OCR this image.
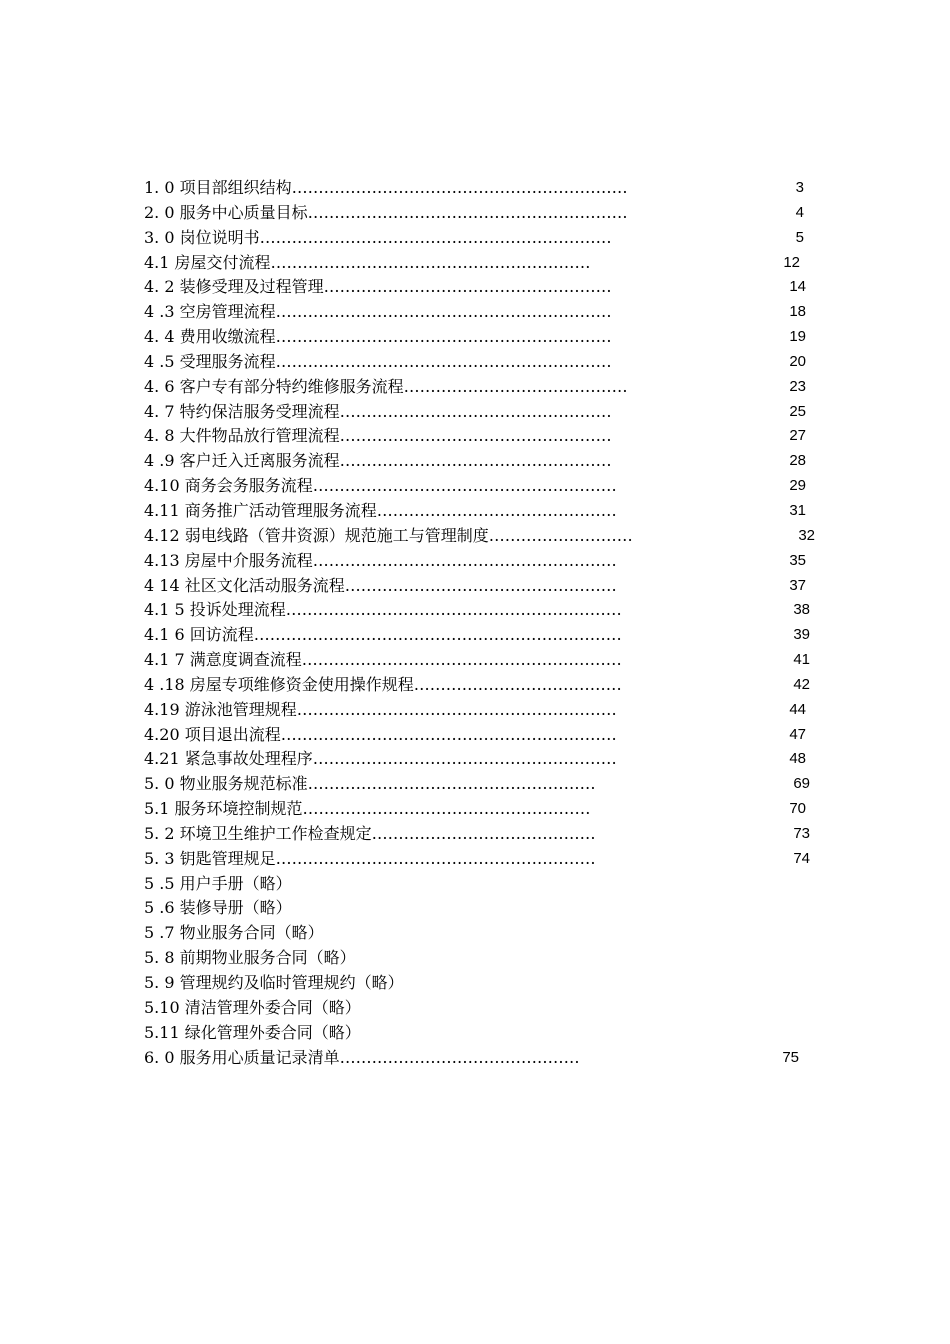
1. 0 项目部组织结构………………………………………………………	3
2. 0 服务中心质量目标……………………………………………………	4
3. 0 岗位说明书…………………………………………………………	5
4.1 房屋交付流程……………………………………………………	12
4. 2 装修受理及过程管理………………………………………………	14
4 .3 空房管理流程………………………………………………………	18
4. 4 费用收缴流程………………………………………………………	19
4 .5 受理服务流程………………………………………………………	20
4. 6 客户专有部分特约维修服务流程……………………………………	23
4. 7 特约保洁服务受理流程……………………………………………	25
4. 8 大件物品放行管理流程……………………………………………	27
4 .9 客户迁入迁离服务流程……………………………………………	28
4.10 商务会务服务流程…………………………………………………	29
4.11 商务推广活动管理服务流程………………………………………	31
4.12 弱电线路（管井资源）规范施工与管理制度………………………	32
4.13 房屋中介服务流程…………………………………………………	35
4 14 社区文化活动服务流程……………………………………………	37
4.1 5 投诉处理流程………………………………………………………	38
4.1 6 回访流程……………………………………………………………	39
4.1 7 满意度调查流程……………………………………………………	41
4 .18 房屋专项维修资金使用操作规程…………………………………	42
4.19 游泳池管理规程……………………………………………………	44
4.20 项目退出流程………………………………………………………	47
4.21 紧急事故处理程序…………………………………………………	48
5. 0 物业服务规范标准………………………………………………	69
5.1 服务环境控制规范………………………………………………	70
5. 2 环境卫生维护工作检查规定……………………………………	73
5. 3 钥匙管理规足……………………………………………………	74
5 .5 用户手册（略）
5 .6 装修导册（略）
5 .7 物业服务合同（略）
5. 8 前期物业服务合同（略）
5. 9 管理规约及临时管理规约（略）
5.10 清洁管理外委合同（略）
5.11 绿化管理外委合同（略）
6. 0 服务用心质量记录清单………………………………………	75
